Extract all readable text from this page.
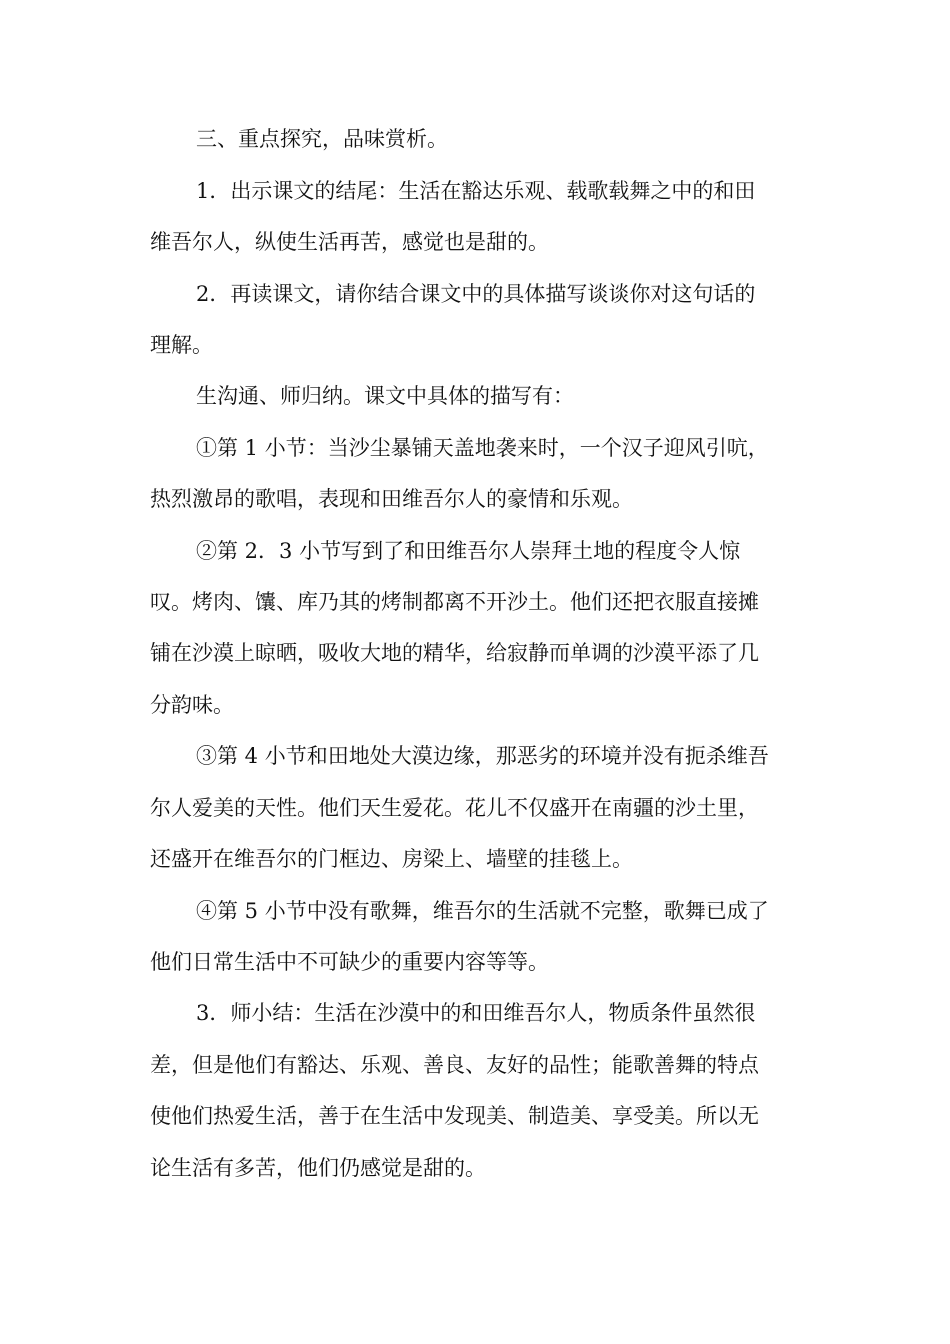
三、重点探究，品味赏析。
1．出示课文的结尾：生活在豁达乐观、载歌载舞之中的和田
维吾尔人，纵使生活再苦，感觉也是甜的。
2．再读课文，请你结合课文中的具体描写谈谈你对这句话的
理解。
生沟通、师归纳。课文中具体的描写有：
①第 1 小节：当沙尘暴铺天盖地袭来时，一个汉子迎风引吭，
热烈激昂的歌唱，表现和田维吾尔人的豪情和乐观。
②第 2．3 小节写到了和田维吾尔人崇拜土地的程度令人惊
叹。烤肉、馕、库乃其的烤制都离不开沙土。他们还把衣服直接摊
铺在沙漠上晾晒，吸收大地的精华，给寂静而单调的沙漠平添了几
分韵味。
③第 4 小节和田地处大漠边缘，那恶劣的环境并没有扼杀维吾
尔人爱美的天性。他们天生爱花。花儿不仅盛开在南疆的沙土里，
还盛开在维吾尔的门框边、房梁上、墙壁的挂毯上。
④第 5 小节中没有歌舞，维吾尔的生活就不完整，歌舞已成了
他们日常生活中不可缺少的重要内容等等。
3．师小结：生活在沙漠中的和田维吾尔人，物质条件虽然很
差，但是他们有豁达、乐观、善良、友好的品性；能歌善舞的特点
使他们热爱生活，善于在生活中发现美、制造美、享受美。所以无
论生活有多苦，他们仍感觉是甜的。
